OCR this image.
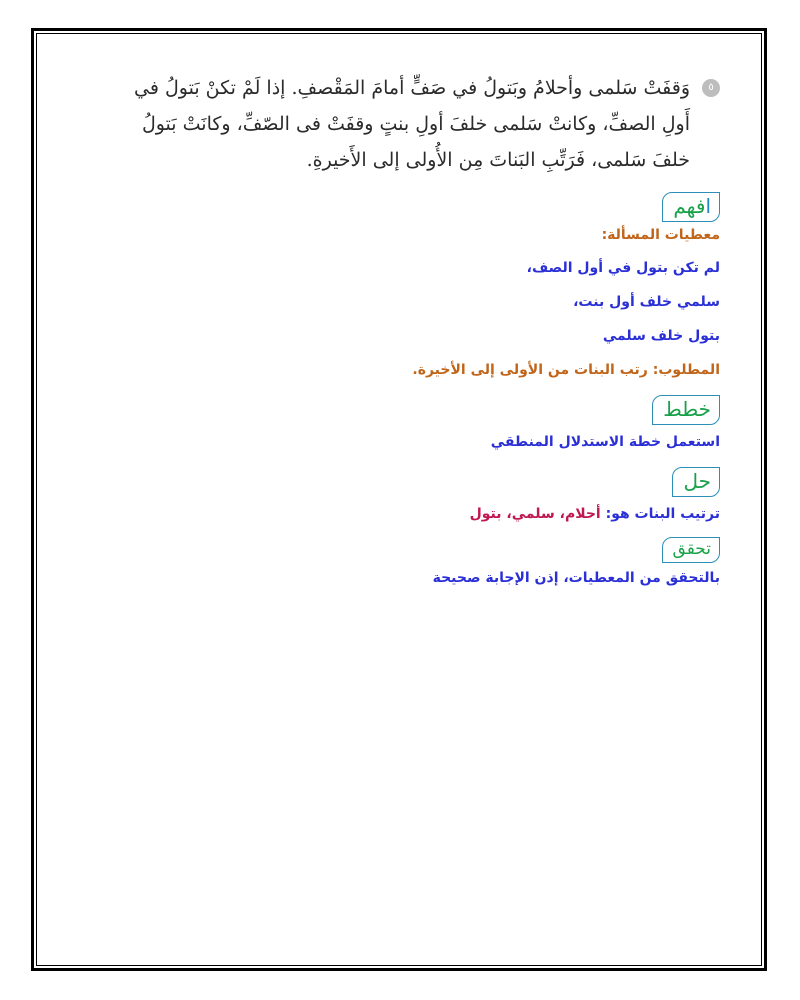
٥
وَقفَتْ سَلمى وأحلامُ وبَتولُ في صَفٍّ أمامَ المَقْصفِ. إذا لَمْ تكنْ بَتولُ في
أَولِ الصفِّ، وكانتْ سَلمى خلفَ أولِ بنتٍ وقفَتْ فى الصّفِّ، وكانَتْ بَتولُ
خلفَ سَلمى، فَرَتِّبِ البَناتَ مِن الأُولى إلى الأَخيرةِ.
افهم
معطيات المسألة:
لم تكن بتول في أول الصف،
سلمي خلف أول بنت،
بتول خلف سلمي
المطلوب: رتب البنات من الأولى إلى الأخيرة.
خطط
استعمل خطة الاستدلال المنطقي
حل
ترتيب البنات هو: أحلام، سلمي، بتول
تحقق
بالتحقق من المعطيات، إذن الإجابة صحيحة
